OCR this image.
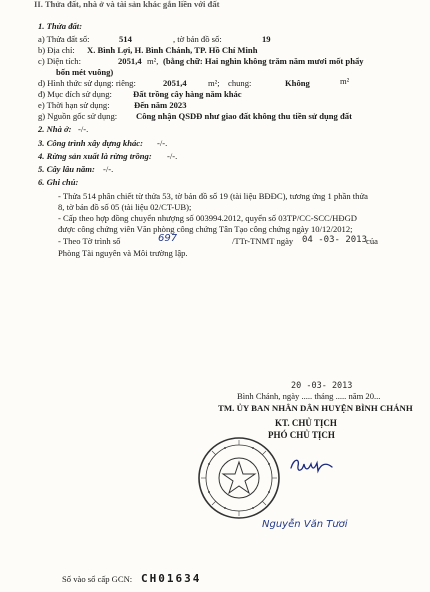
II. Thửa đất, nhà ở và tài sản khác gắn liền với đất
1. Thửa đất:
a) Thửa đất số:	514	, tờ bản đồ số:	19
b) Địa chỉ: X. Bình Lợi, H. Bình Chánh, TP. Hồ Chí Minh
c) Diện tích:	2051,4 m², (bằng chữ: Hai nghìn không trăm năm mươi mốt phẩy
bốn mét vuông)
d) Hình thức sử dụng: riêng:	2051,4 m²; chung:	Không	m²
đ) Mục đích sử dụng: Đất trồng cây hàng năm khác
e) Thời hạn sử dụng:	Đến năm 2023
g) Nguồn gốc sử dụng: Công nhận QSDĐ như giao đất không thu tiền sử dụng đất
2. Nhà ở: -/-.
3. Công trình xây dựng khác: -/-.
4. Rừng sản xuất là rừng trồng: -/-.
5. Cây lâu năm: -/-.
6. Ghi chú:
- Thửa 514 phân chiết từ thửa 53, tờ bản đồ số 19 (tài liệu BĐĐC), tương ứng 1 phần thửa
8, tờ bản đồ số 05 (tài liệu 02/CT-UB);
- Cấp theo hợp đồng chuyển nhượng số 003994.2012, quyển số 03TP/CC-SCC/HĐGD
được công chứng viên Văn phòng công chứng Tân Tạo công chứng ngày 10/12/2012;
- Theo Tờ trình số	697	/TTr-TNMT ngày 04 -03- 2013
của
Phòng Tài nguyên và Môi trường lập.
20 -03- 2013
Bình Chánh, ngày ..... tháng ..... năm 20...
TM. ỦY BAN NHÂN DÂN HUYỆN BÌNH CHÁNH
KT. CHỦ TỊCH
PHÓ CHỦ TỊCH
Nguyễn Văn Tươi
Số vào sổ cấp GCN: CH01634
